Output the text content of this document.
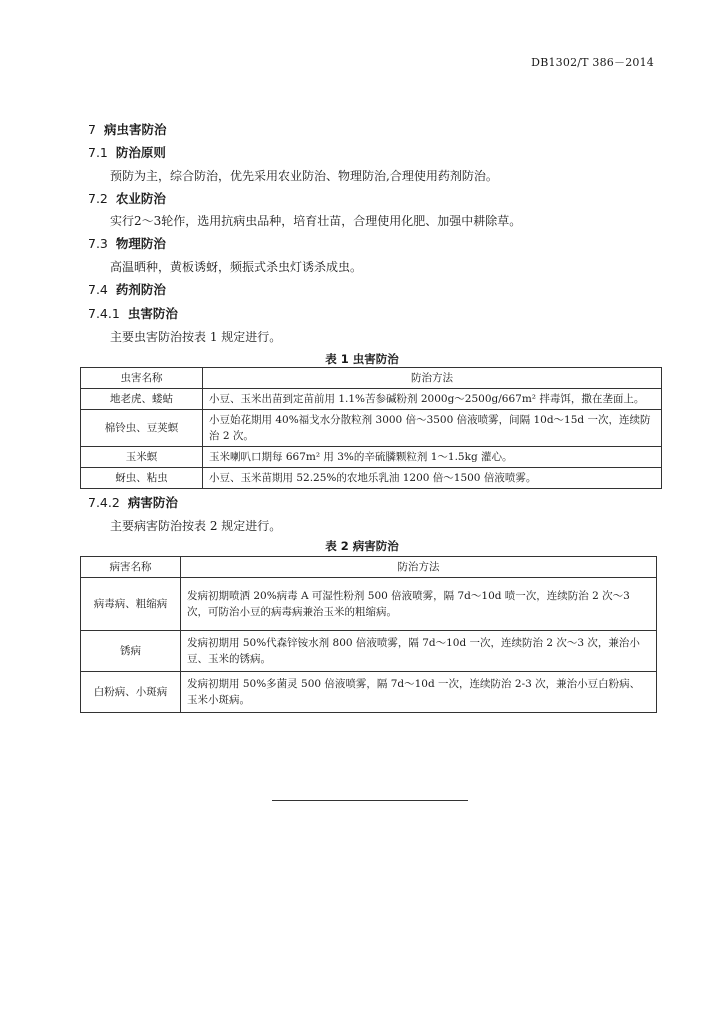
DB1302/T 386－2014
7 病虫害防治
7.1 防治原则
预防为主，综合防治，优先采用农业防治、物理防治,合理使用药剂防治。
7.2 农业防治
实行2～3轮作，选用抗病虫品种，培育壮苗，合理使用化肥、加强中耕除草。
7.3 物理防治
高温晒种，黄板诱蚜，频振式杀虫灯诱杀成虫。
7.4 药剂防治
7.4.1 虫害防治
主要虫害防治按表 1 规定进行。
表 1 虫害防治
虫害名称	防治方法
地老虎、蝼蛄	小豆、玉米出苗到定苗前用 1.1%苦参碱粉剂 2000g～2500g/667m² 拌毒饵，撒在垄面上。
棉铃虫、豆荚螟	小豆始花期用 40%福戈水分散粒剂 3000 倍～3500 倍液喷雾，间隔 10d～15d 一次，连续防治 2 次。
玉米螟	玉米喇叭口期每 667m² 用 3%的辛硫膦颗粒剂 1～1.5kg 灌心。
蚜虫、粘虫	小豆、玉米苗期用 52.25%的农地乐乳油 1200 倍～1500 倍液喷雾。
7.4.2 病害防治
主要病害防治按表 2 规定进行。
表 2 病害防治
病害名称	防治方法
病毒病、粗缩病	发病初期喷洒 20%病毒 A 可湿性粉剂 500 倍液喷雾，隔 7d～10d 喷一次，连续防治 2 次～3 次，可防治小豆的病毒病兼治玉米的粗缩病。
锈病	发病初期用 50%代森锌铵水剂 800 倍液喷雾，隔 7d～10d 一次，连续防治 2 次～3 次，兼治小豆、玉米的锈病。
白粉病、小斑病	发病初期用 50%多菌灵 500 倍液喷雾，隔 7d～10d 一次，连续防治 2-3 次，兼治小豆白粉病、玉米小斑病。
